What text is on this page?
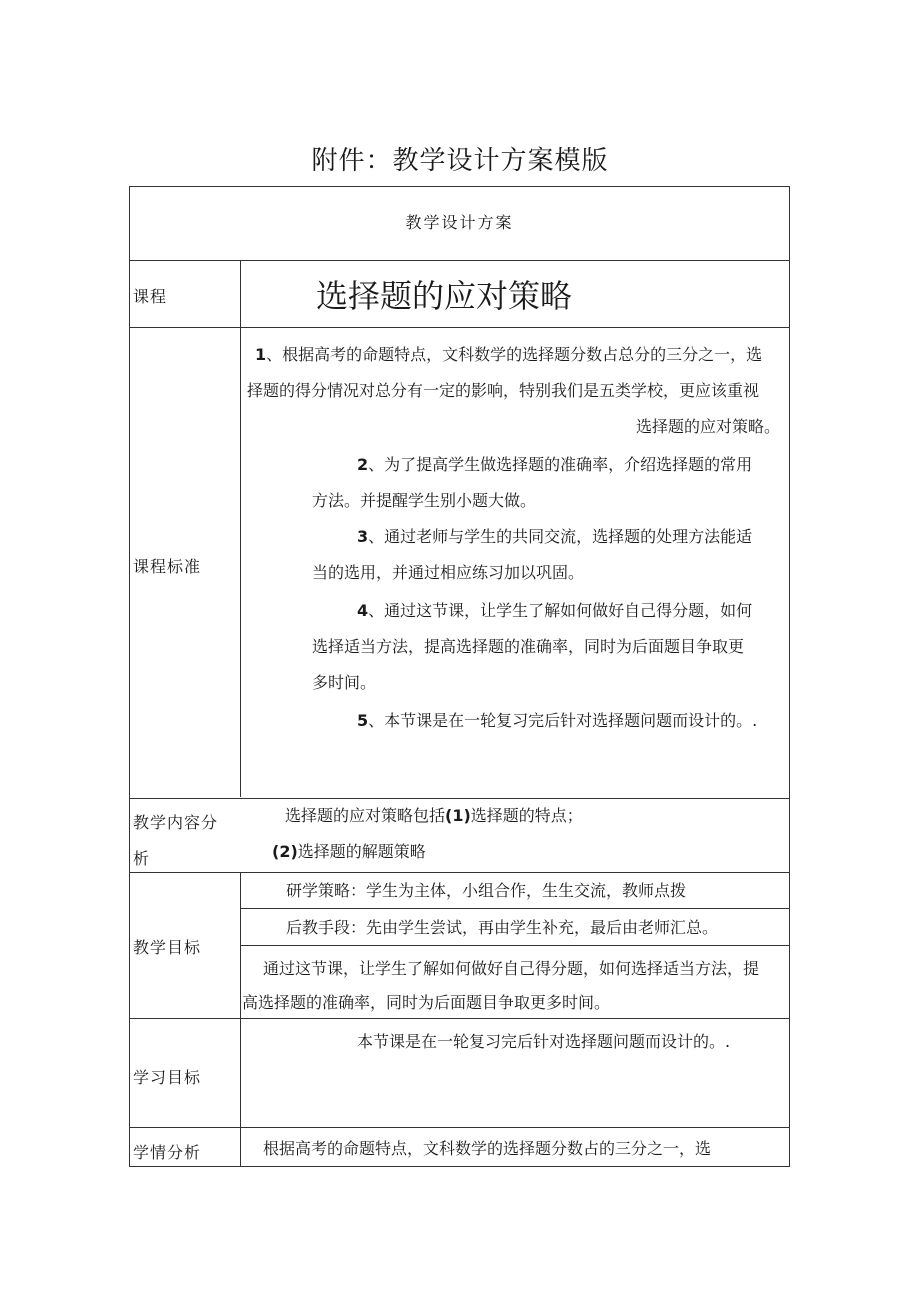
附件：教学设计方案模版
教学设计方案
课程	选择题的应对策略
课程标准
1、根据高考的命题特点，文科数学的选择题分数占总分的三分之一，选
择题的得分情况对总分有一定的影响，特别我们是五类学校，更应该重视
选择题的应对策略。
2、为了提高学生做选择题的准确率，介绍选择题的常用
方法。并提醒学生别小题大做。
3、通过老师与学生的共同交流，选择题的处理方法能适
当的选用，并通过相应练习加以巩固。
4、通过这节课，让学生了解如何做好自己得分题，如何
选择适当方法，提高选择题的准确率，同时为后面题目争取更
多时间。
5、本节课是在一轮复习完后针对选择题问题而设计的。.
教学内容分
析
选择题的应对策略包括(1)选择题的特点；
(2)选择题的解题策略
教学目标
研学策略：学生为主体，小组合作，生生交流，教师点拨
后教手段：先由学生尝试，再由学生补充，最后由老师汇总。
通过这节课，让学生了解如何做好自己得分题，如何选择适当方法，提
高选择题的准确率，同时为后面题目争取更多时间。
学习目标
本节课是在一轮复习完后针对选择题问题而设计的。.
学情分析	根据高考的命题特点，文科数学的选择题分数占的三分之一，选
